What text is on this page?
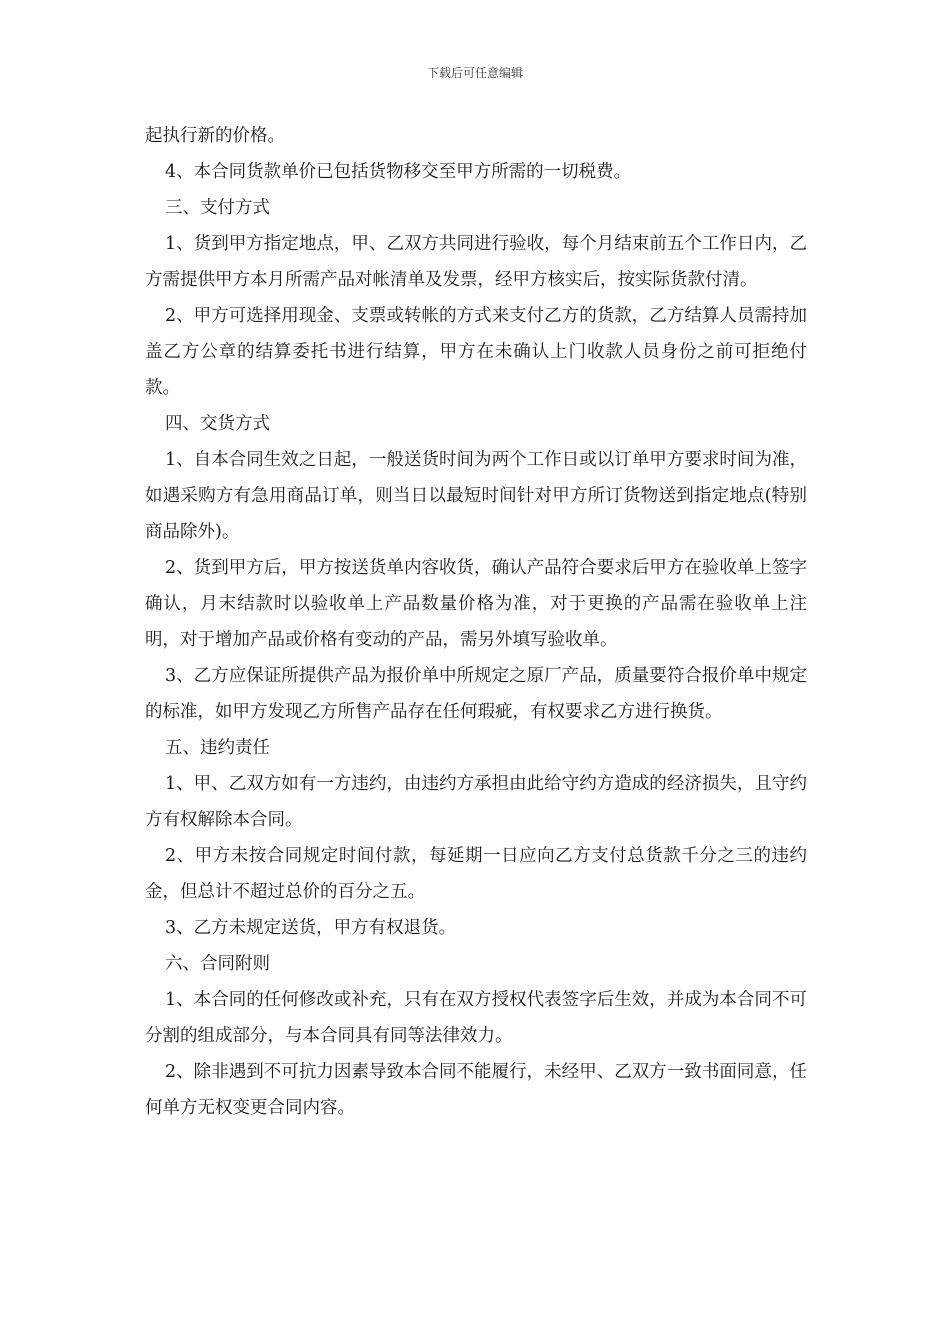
下载后可任意编辑

起执行新的价格。

4、本合同货款单价已包括货物移交至甲方所需的一切税费。

三、支付方式

1、货到甲方指定地点，甲、乙双方共同进行验收，每个月结束前五个工作日内，乙方需提供甲方本月所需产品对帐清单及发票，经甲方核实后，按实际货款付清。

2、甲方可选择用现金、支票或转帐的方式来支付乙方的货款，乙方结算人员需持加盖乙方公章的结算委托书进行结算，甲方在未确认上门收款人员身份之前可拒绝付款。

四、交货方式

1、自本合同生效之日起，一般送货时间为两个工作日或以订单甲方要求时间为准，如遇采购方有急用商品订单，则当日以最短时间针对甲方所订货物送到指定地点(特别商品除外)。

2、货到甲方后，甲方按送货单内容收货，确认产品符合要求后甲方在验收单上签字确认，月末结款时以验收单上产品数量价格为准，对于更换的产品需在验收单上注明，对于增加产品或价格有变动的产品，需另外填写验收单。

3、乙方应保证所提供产品为报价单中所规定之原厂产品，质量要符合报价单中规定的标准，如甲方发现乙方所售产品存在任何瑕疵，有权要求乙方进行换货。

五、违约责任

1、甲、乙双方如有一方违约，由违约方承担由此给守约方造成的经济损失，且守约方有权解除本合同。

2、甲方未按合同规定时间付款，每延期一日应向乙方支付总货款千分之三的违约金，但总计不超过总价的百分之五。

3、乙方未规定送货，甲方有权退货。

六、合同附则

1、本合同的任何修改或补充，只有在双方授权代表签字后生效，并成为本合同不可分割的组成部分，与本合同具有同等法律效力。

2、除非遇到不可抗力因素导致本合同不能履行，未经甲、乙双方一致书面同意，任何单方无权变更合同内容。
